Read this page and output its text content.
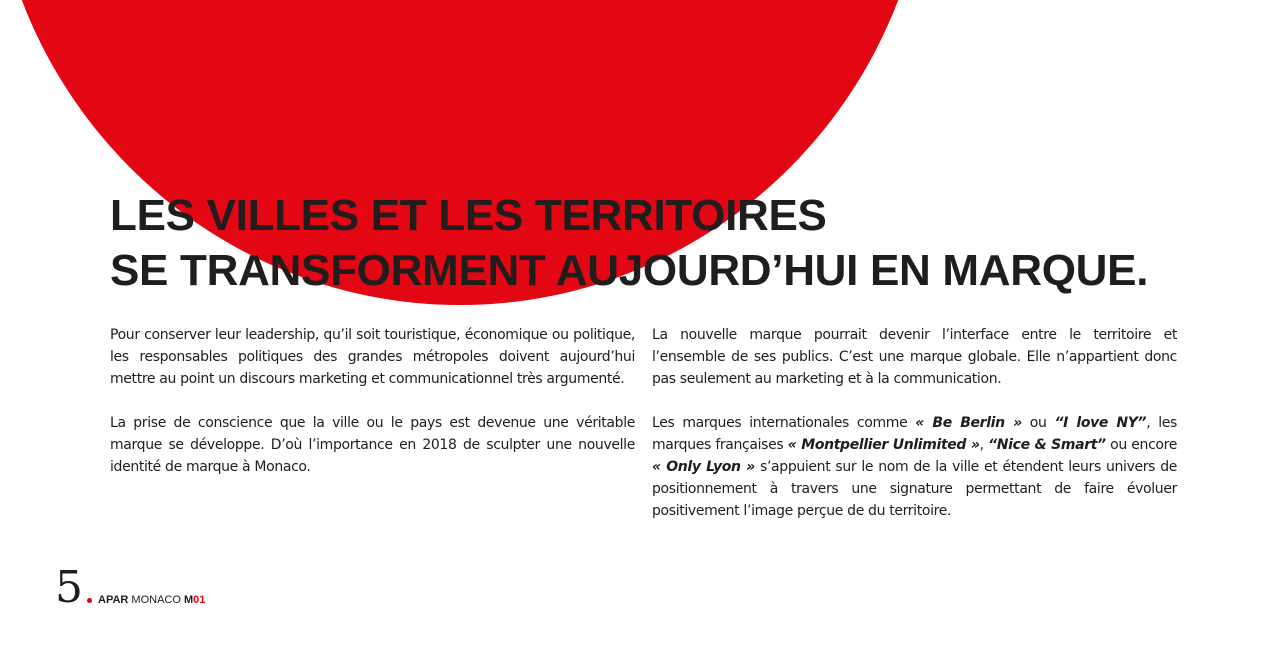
LES VILLES ET LES TERRITOIRES
SE TRANSFORMENT AUJOURD’HUI EN MARQUE.

Pour conserver leur leadership, qu’il soit touristique, économique ou politique, les responsables politiques des grandes métropoles doivent aujourd’hui mettre au point un discours marketing et communicationnel très argumenté.

La prise de conscience que la ville ou le pays est devenue une véritable marque se développe. D’où l’importance en 2018 de sculpter une nouvelle identité de marque à Monaco.

La nouvelle marque pourrait devenir l’interface entre le territoire et l’ensemble de ses publics. C’est une marque globale. Elle n’appartient donc pas seulement au marketing et à la communication.

Les marques internationales comme « Be Berlin » ou “I love NY”, les marques françaises « Montpellier Unlimited », “Nice & Smart” ou encore « Only Lyon » s’appuient sur le nom de la ville et étendent leurs univers de positionnement à travers une signature permettant de faire évoluer positivement l’image perçue de du territoire.

5 APAR MONACO M01
